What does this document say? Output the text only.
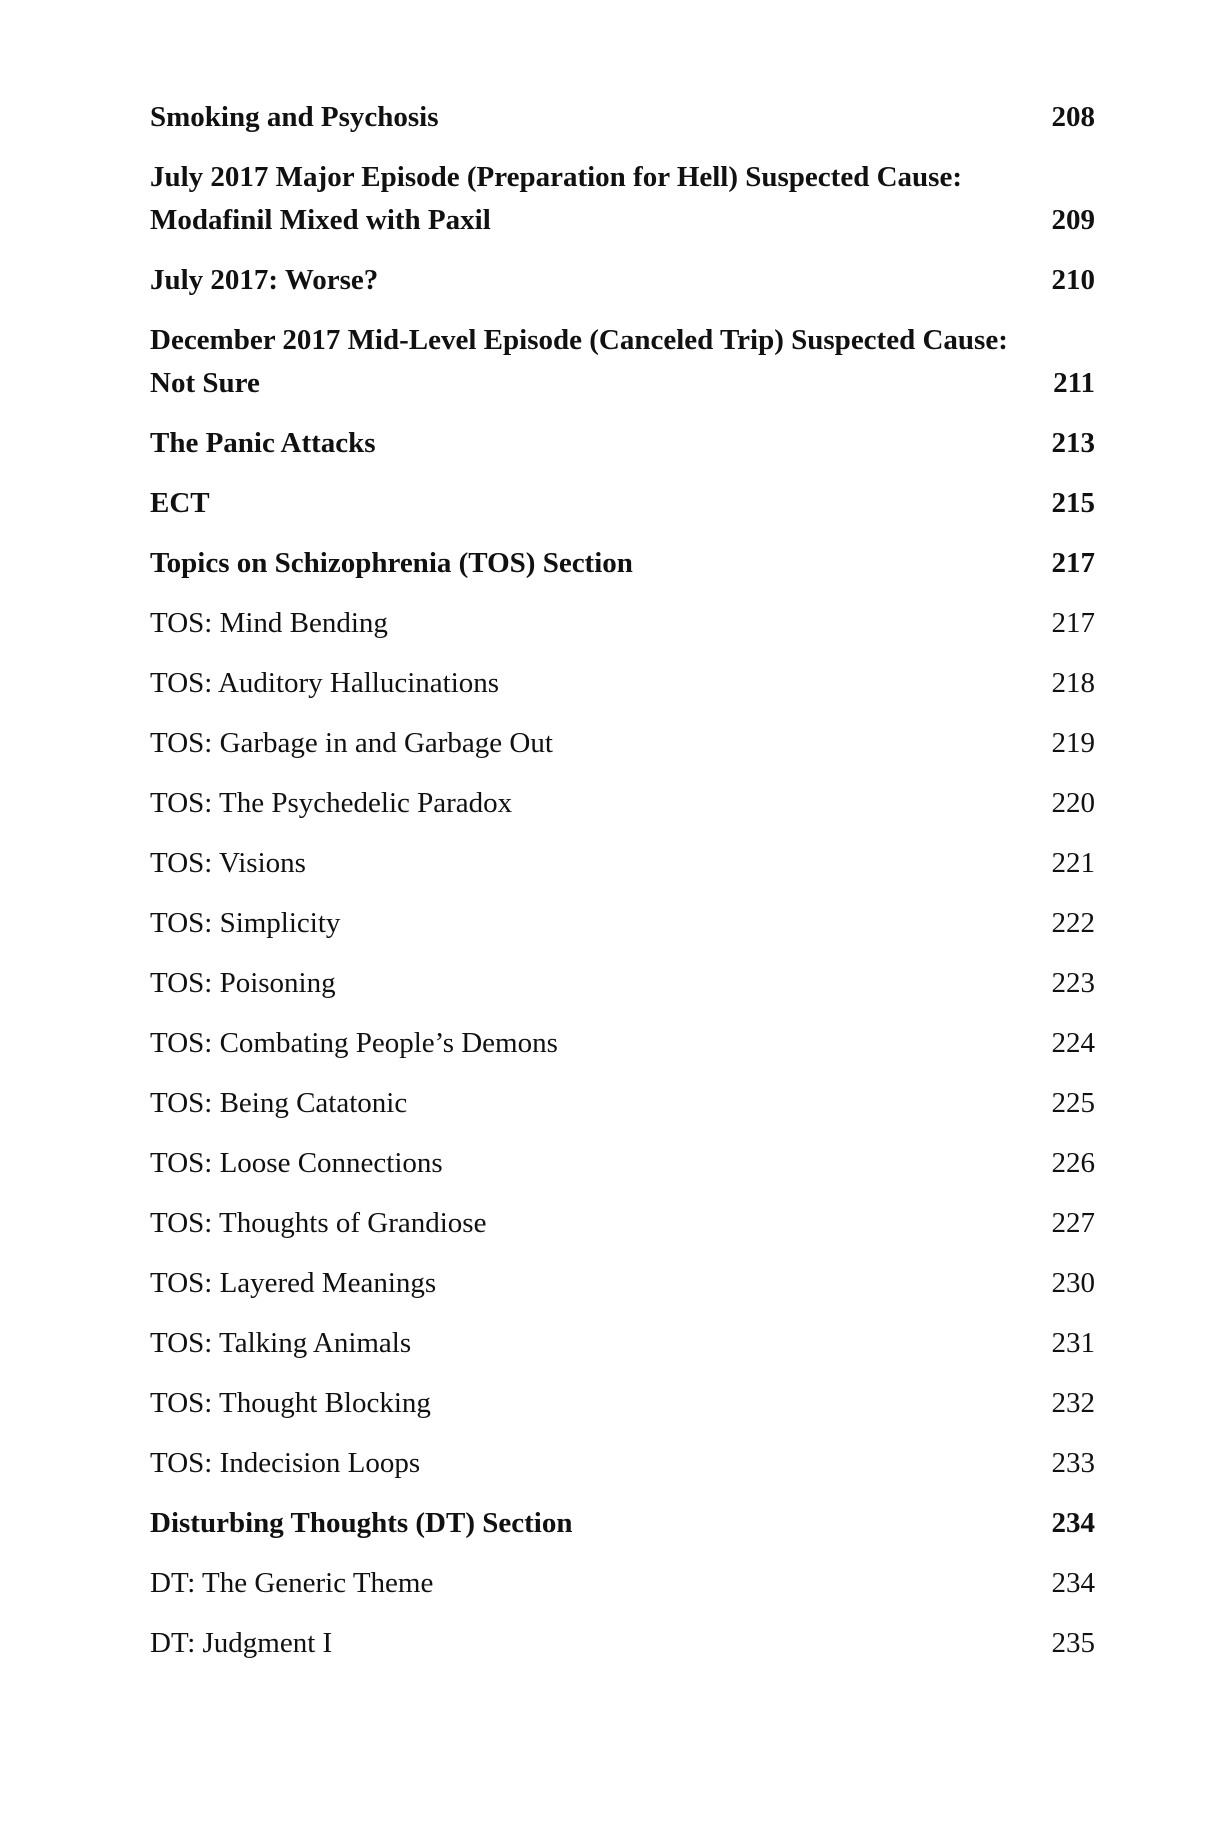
Smoking and Psychosis	208
July 2017 Major Episode (Preparation for Hell) Suspected Cause:
Modafinil Mixed with Paxil	209
July 2017: Worse?	210
December 2017 Mid-Level Episode (Canceled Trip) Suspected Cause:
Not Sure	211
The Panic Attacks	213
ECT	215
Topics on Schizophrenia (TOS) Section	217
TOS: Mind Bending	217
TOS: Auditory Hallucinations	218
TOS: Garbage in and Garbage Out	219
TOS: The Psychedelic Paradox	220
TOS: Visions	221
TOS: Simplicity	222
TOS: Poisoning	223
TOS: Combating People’s Demons	224
TOS: Being Catatonic	225
TOS: Loose Connections	226
TOS: Thoughts of Grandiose	227
TOS: Layered Meanings	230
TOS: Talking Animals	231
TOS: Thought Blocking	232
TOS: Indecision Loops	233
Disturbing Thoughts (DT) Section	234
DT: The Generic Theme	234
DT: Judgment I	235
